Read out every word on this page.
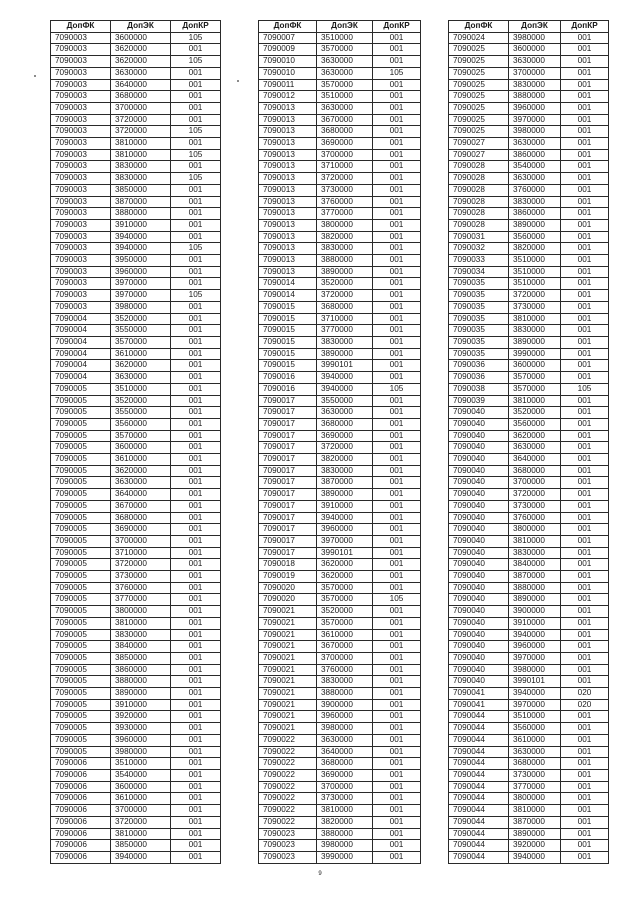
ДопФК	ДопЭК	ДопКР
7090003	3600000	105
7090003	3620000	001
7090003	3620000	105
7090003	3630000	001
7090003	3640000	001
7090003	3680000	001
7090003	3700000	001
7090003	3720000	001
7090003	3720000	105
7090003	3810000	001
7090003	3810000	105
7090003	3830000	001
7090003	3830000	105
7090003	3850000	001
7090003	3870000	001
7090003	3880000	001
7090003	3910000	001
7090003	3940000	001
7090003	3940000	105
7090003	3950000	001
7090003	3960000	001
7090003	3970000	001
7090003	3970000	105
7090003	3980000	001
7090004	3520000	001
7090004	3550000	001
7090004	3570000	001
7090004	3610000	001
7090004	3620000	001
7090004	3630000	001
7090005	3510000	001
7090005	3520000	001
7090005	3550000	001
7090005	3560000	001
7090005	3570000	001
7090005	3600000	001
7090005	3610000	001
7090005	3620000	001
7090005	3630000	001
7090005	3640000	001
7090005	3670000	001
7090005	3680000	001
7090005	3690000	001
7090005	3700000	001
7090005	3710000	001
7090005	3720000	001
7090005	3730000	001
7090005	3760000	001
7090005	3770000	001
7090005	3800000	001
7090005	3810000	001
7090005	3830000	001
7090005	3840000	001
7090005	3850000	001
7090005	3860000	001
7090005	3880000	001
7090005	3890000	001
7090005	3910000	001
7090005	3920000	001
7090005	3930000	001
7090005	3960000	001
7090005	3980000	001
7090006	3510000	001
7090006	3540000	001
7090006	3600000	001
7090006	3610000	001
7090006	3700000	001
7090006	3720000	001
7090006	3810000	001
7090006	3850000	001
7090006	3940000	001
ДопФК	ДопЭК	ДопКР
7090007	3510000	001
7090009	3570000	001
7090010	3630000	001
7090010	3630000	105
7090011	3570000	001
7090012	3510000	001
7090013	3630000	001
7090013	3670000	001
7090013	3680000	001
7090013	3690000	001
7090013	3700000	001
7090013	3710000	001
7090013	3720000	001
7090013	3730000	001
7090013	3760000	001
7090013	3770000	001
7090013	3800000	001
7090013	3820000	001
7090013	3830000	001
7090013	3880000	001
7090013	3890000	001
7090014	3520000	001
7090014	3720000	001
7090015	3680000	001
7090015	3710000	001
7090015	3770000	001
7090015	3830000	001
7090015	3890000	001
7090015	3990101	001
7090016	3940000	001
7090016	3940000	105
7090017	3550000	001
7090017	3630000	001
7090017	3680000	001
7090017	3690000	001
7090017	3720000	001
7090017	3820000	001
7090017	3830000	001
7090017	3870000	001
7090017	3890000	001
7090017	3910000	001
7090017	3940000	001
7090017	3960000	001
7090017	3970000	001
7090017	3990101	001
7090018	3620000	001
7090019	3620000	001
7090020	3570000	001
7090020	3570000	105
7090021	3520000	001
7090021	3570000	001
7090021	3610000	001
7090021	3670000	001
7090021	3700000	001
7090021	3760000	001
7090021	3830000	001
7090021	3880000	001
7090021	3900000	001
7090021	3960000	001
7090021	3980000	001
7090022	3630000	001
7090022	3640000	001
7090022	3680000	001
7090022	3690000	001
7090022	3700000	001
7090022	3730000	001
7090022	3810000	001
7090022	3820000	001
7090023	3880000	001
7090023	3980000	001
7090023	3990000	001
ДопФК	ДопЭК	ДопКР
7090024	3980000	001
7090025	3600000	001
7090025	3630000	001
7090025	3700000	001
7090025	3830000	001
7090025	3880000	001
7090025	3960000	001
7090025	3970000	001
7090025	3980000	001
7090027	3630000	001
7090027	3860000	001
7090028	3540000	001
7090028	3630000	001
7090028	3760000	001
7090028	3830000	001
7090028	3860000	001
7090028	3890000	001
7090031	3560000	001
7090032	3820000	001
7090033	3510000	001
7090034	3510000	001
7090035	3510000	001
7090035	3720000	001
7090035	3730000	001
7090035	3810000	001
7090035	3830000	001
7090035	3890000	001
7090035	3990000	001
7090036	3600000	001
7090036	3570000	001
7090038	3570000	105
7090039	3810000	001
7090040	3520000	001
7090040	3560000	001
7090040	3620000	001
7090040	3630000	001
7090040	3640000	001
7090040	3680000	001
7090040	3700000	001
7090040	3720000	001
7090040	3730000	001
7090040	3760000	001
7090040	3800000	001
7090040	3810000	001
7090040	3830000	001
7090040	3840000	001
7090040	3870000	001
7090040	3880000	001
7090040	3890000	001
7090040	3900000	001
7090040	3910000	001
7090040	3940000	001
7090040	3960000	001
7090040	3970000	001
7090040	3980000	001
7090040	3990101	001
7090041	3940000	020
7090041	3970000	020
7090044	3510000	001
7090044	3560000	001
7090044	3610000	001
7090044	3630000	001
7090044	3680000	001
7090044	3730000	001
7090044	3770000	001
7090044	3800000	001
7090044	3810000	001
7090044	3870000	001
7090044	3890000	001
7090044	3920000	001
7090044	3940000	001
9
